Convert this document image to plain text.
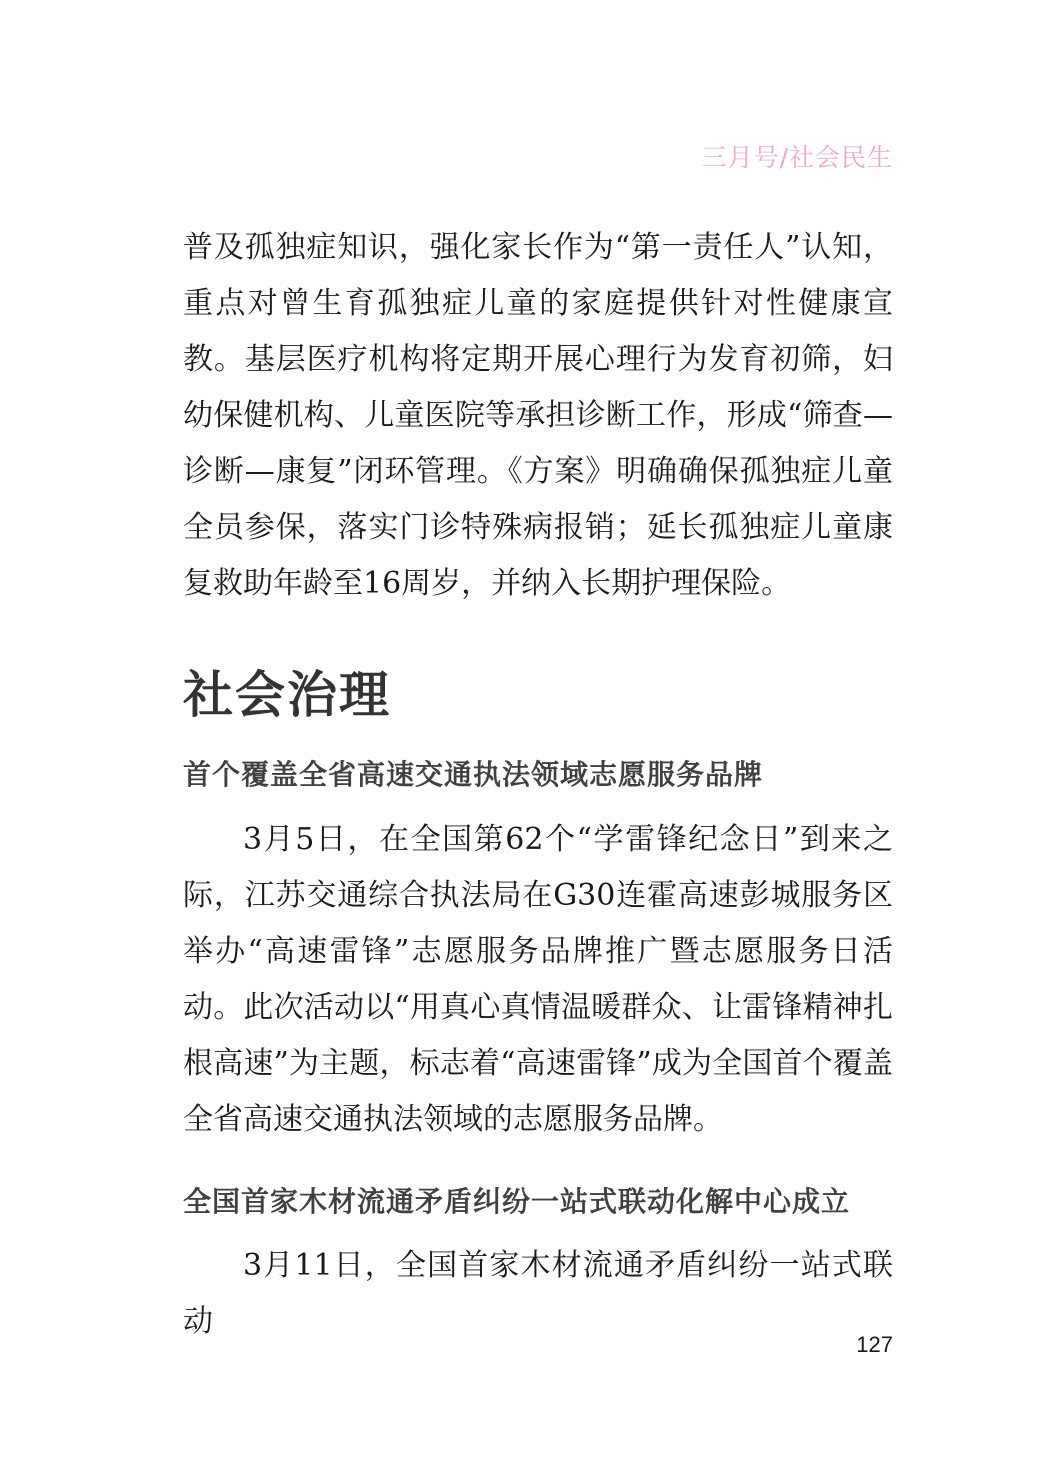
三月号/社会民生

普及孤独症知识，强化家长作为“第一责任人”认知，重点对曾生育孤独症儿童的家庭提供针对性健康宣教。基层医疗机构将定期开展心理行为发育初筛，妇幼保健机构、儿童医院等承担诊断工作，形成“筛查—诊断—康复”闭环管理。《方案》明确确保孤独症儿童全员参保，落实门诊特殊病报销；延长孤独症儿童康复救助年龄至16周岁，并纳入长期护理保险。

社会治理
首个覆盖全省高速交通执法领域志愿服务品牌

3月5日，在全国第62个“学雷锋纪念日”到来之际，江苏交通综合执法局在G30连霍高速彭城服务区举办“高速雷锋”志愿服务品牌推广暨志愿服务日活动。此次活动以“用真心真情温暖群众、让雷锋精神扎根高速”为主题，标志着“高速雷锋”成为全国首个覆盖全省高速交通执法领域的志愿服务品牌。

全国首家木材流通矛盾纠纷一站式联动化解中心成立

3月11日，全国首家木材流通矛盾纠纷一站式联动

127
